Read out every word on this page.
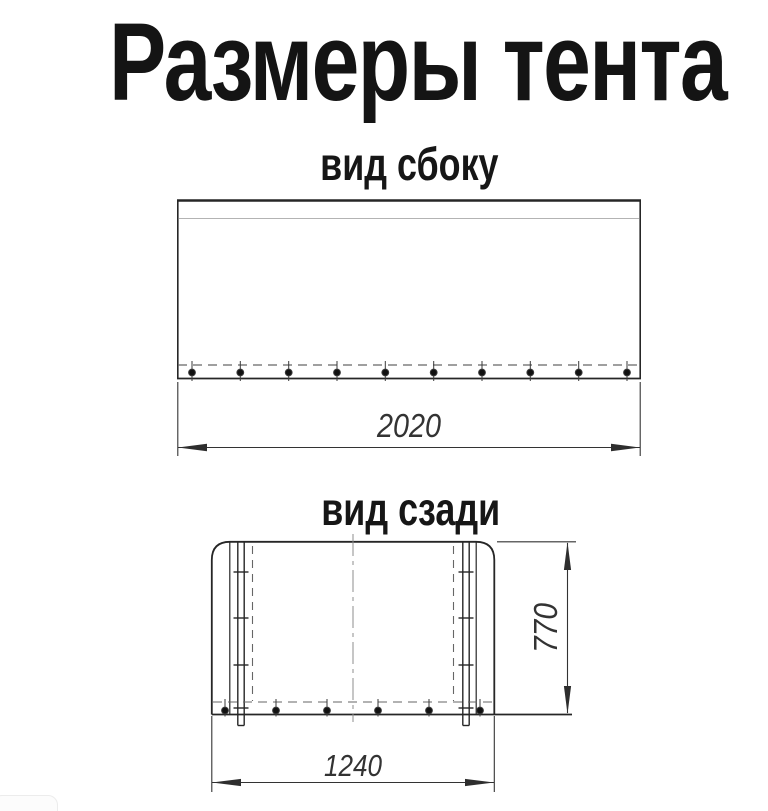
Размеры тента
вид сбоку
вид сзади
2020
770
1240
